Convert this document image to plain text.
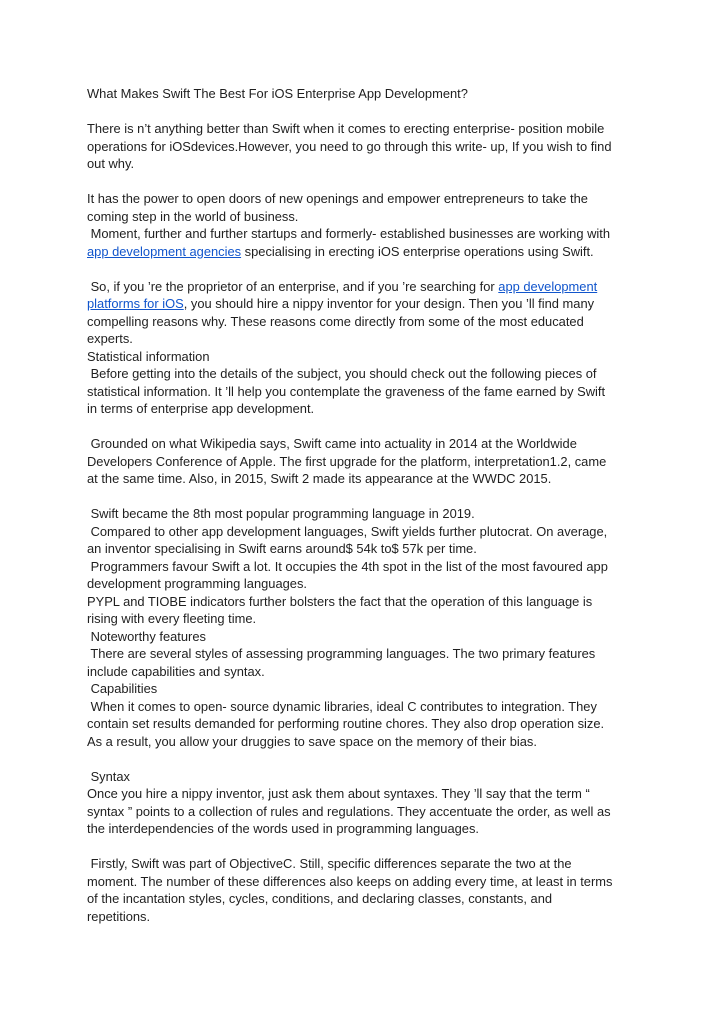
What Makes Swift The Best For iOS Enterprise App Development?
There is n’t anything better than Swift when it comes to erecting enterprise- position mobile
operations for iOSdevices.However, you need to go through this write- up, If you wish to find
out why.
It has the power to open doors of new openings and empower entrepreneurs to take the
coming step in the world of business.
Moment, further and further startups and formerly- established businesses are working with
app development agencies specialising in erecting iOS enterprise operations using Swift.
So, if you ’re the proprietor of an enterprise, and if you ’re searching for app development
platforms for iOS, you should hire a nippy inventor for your design. Then you ’ll find many
compelling reasons why. These reasons come directly from some of the most educated
experts.
Statistical information
Before getting into the details of the subject, you should check out the following pieces of
statistical information. It ’ll help you contemplate the graveness of the fame earned by Swift
in terms of enterprise app development.
Grounded on what Wikipedia says, Swift came into actuality in 2014 at the Worldwide
Developers Conference of Apple. The first upgrade for the platform, interpretation1.2, came
at the same time. Also, in 2015, Swift 2 made its appearance at the WWDC 2015.
Swift became the 8th most popular programming language in 2019.
Compared to other app development languages, Swift yields further plutocrat. On average,
an inventor specialising in Swift earns around$ 54k to$ 57k per time.
Programmers favour Swift a lot. It occupies the 4th spot in the list of the most favoured app
development programming languages.
PYPL and TIOBE indicators further bolsters the fact that the operation of this language is
rising with every fleeting time.
Noteworthy features
There are several styles of assessing programming languages. The two primary features
include capabilities and syntax.
Capabilities
When it comes to open- source dynamic libraries, ideal C contributes to integration. They
contain set results demanded for performing routine chores. They also drop operation size.
As a result, you allow your druggies to save space on the memory of their bias.
Syntax
Once you hire a nippy inventor, just ask them about syntaxes. They ’ll say that the term “
syntax ” points to a collection of rules and regulations. They accentuate the order, as well as
the interdependencies of the words used in programming languages.
Firstly, Swift was part of ObjectiveC. Still, specific differences separate the two at the
moment. The number of these differences also keeps on adding every time, at least in terms
of the incantation styles, cycles, conditions, and declaring classes, constants, and
repetitions.
